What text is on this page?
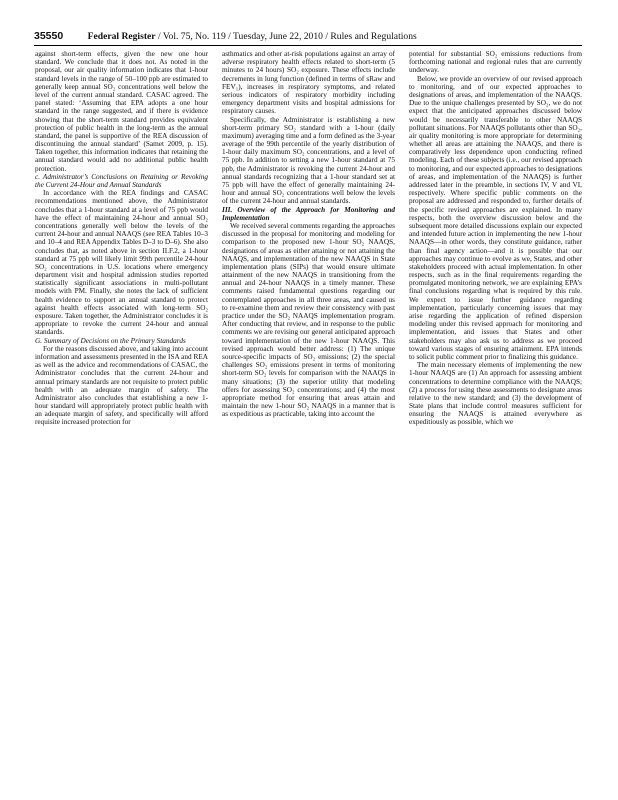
35550	Federal Register / Vol. 75, No. 119 / Tuesday, June 22, 2010 / Rules and Regulations

against short-term effects, given the new one hour standard. We conclude that it does not. As noted in the proposal, our air quality information indicates that 1-hour standard levels in the range of 50–100 ppb are estimated to generally keep annual SO₂ concentrations well below the level of the current annual standard. CASAC agreed. The panel stated: ‘Assuming that EPA adopts a one hour standard in the range suggested, and if there is evidence showing that the short-term standard provides equivalent protection of public health in the long-term as the annual standard, the panel is supportive of the REA discussion of discontinuing the annual standard’ (Samet 2009, p. 15). Taken together, this information indicates that retaining the annual standard would add no additional public health protection.

c. Administrator’s Conclusions on Retaining or Revoking the Current 24-Hour and Annual Standards

In accordance with the REA findings and CASAC recommendations mentioned above, the Administrator concludes that a 1-hour standard at a level of 75 ppb would have the effect of maintaining 24-hour and annual SO₂ concentrations generally well below the levels of the current 24-hour and annual NAAQS (see REA Tables 10–3 and 10–4 and REA Appendix Tables D–3 to D–6). She also concludes that, as noted above in section II.F.2, a 1-hour standard at 75 ppb will likely limit 99th percentile 24-hour SO₂ concentrations in U.S. locations where emergency department visit and hospital admission studies reported statistically significant associations in multi-pollutant models with PM. Finally, she notes the lack of sufficient health evidence to support an annual standard to protect against health effects associated with long-term SO₂ exposure. Taken together, the Administrator concludes it is appropriate to revoke the current 24-hour and annual standards.

G. Summary of Decisions on the Primary Standards

For the reasons discussed above, and taking into account information and assessments presented in the ISA and REA as well as the advice and recommendations of CASAC, the Administrator concludes that the current 24-hour and annual primary standards are not requisite to protect public health with an adequate margin of safety. The Administrator also concludes that establishing a new 1-hour standard will appropriately protect public health with an adequate margin of safety, and specifically will afford requisite increased protection for

asthmatics and other at-risk populations against an array of adverse respiratory health effects related to short-term (5 minutes to 24 hours) SO₂ exposure. These effects include decrements in lung function (defined in terms of sRaw and FEV₁), increases in respiratory symptoms, and related serious indicators of respiratory morbidity including emergency department visits and hospital admissions for respiratory causes.

Specifically, the Administrator is establishing a new short-term primary SO₂ standard with a 1-hour (daily maximum) averaging time and a form defined as the 3-year average of the 99th percentile of the yearly distribution of 1-hour daily maximum SO₂ concentrations, and a level of 75 ppb. In addition to setting a new 1-hour standard at 75 ppb, the Administrator is revoking the current 24-hour and annual standards recognizing that a 1-hour standard set at 75 ppb will have the effect of generally maintaining 24-hour and annual SO₂ concentrations well below the levels of the current 24-hour and annual standards.

III. Overview of the Approach for Monitoring and Implementation

We received several comments regarding the approaches discussed in the proposal for monitoring and modeling for comparison to the proposed new 1-hour SO₂ NAAQS, designations of areas as either attaining or not attaining the NAAQS, and implementation of the new NAAQS in State implementation plans (SIPs) that would ensure ultimate attainment of the new NAAQS in transitioning from the annual and 24-hour NAAQS in a timely manner. These comments raised fundamental questions regarding our contemplated approaches in all three areas, and caused us to re-examine them and review their consistency with past practice under the SO₂ NAAQS implementation program. After conducting that review, and in response to the public comments we are revising our general anticipated approach toward implementation of the new 1-hour NAAQS. This revised approach would better address: (1) The unique source-specific impacts of SO₂ emissions; (2) the special challenges SO₂ emissions present in terms of monitoring short-term SO₂ levels for comparison with the NAAQS in many situations; (3) the superior utility that modeling offers for assessing SO₂ concentrations; and (4) the most appropriate method for ensuring that areas attain and maintain the new 1-hour SO₂ NAAQS in a manner that is as expeditious as practicable, taking into account the

potential for substantial SO₂ emissions reductions from forthcoming national and regional rules that are currently underway.

Below, we provide an overview of our revised approach to monitoring, and of our expected approaches to designations of areas, and implementation of the NAAQS. Due to the unique challenges presented by SO₂, we do not expect that the anticipated approaches discussed below would be necessarily transferable to other NAAQS pollutant situations. For NAAQS pollutants other than SO₂, air quality monitoring is more appropriate for determining whether all areas are attaining the NAAQS, and there is comparatively less dependence upon conducting refined modeling. Each of these subjects (i.e., our revised approach to monitoring, and our expected approaches to designations of areas, and implementation of the NAAQS) is further addressed later in the preamble, in sections IV, V and VI, respectively. Where specific public comments on the proposal are addressed and responded to, further details of the specific revised approaches are explained. In many respects, both the overview discussion below and the subsequent more detailed discussions explain our expected and intended future action in implementing the new 1-hour NAAQS—in other words, they constitute guidance, rather than final agency action—and it is possible that our approaches may continue to evolve as we, States, and other stakeholders proceed with actual implementation. In other respects, such as in the final requirements regarding the promulgated monitoring network, we are explaining EPA’s final conclusions regarding what is required by this rule. We expect to issue further guidance regarding implementation, particularly concerning issues that may arise regarding the application of refined dispersion modeling under this revised approach for monitoring and implementation, and issues that States and other stakeholders may also ask us to address as we proceed toward various stages of ensuring attainment. EPA intends to solicit public comment prior to finalizing this guidance.

The main necessary elements of implementing the new 1-hour NAAQS are (1) An approach for assessing ambient concentrations to determine compliance with the NAAQS; (2) a process for using these assessments to designate areas relative to the new standard; and (3) the development of State plans that include control measures sufficient for ensuring the NAAQS is attained everywhere as expeditiously as possible, which we
